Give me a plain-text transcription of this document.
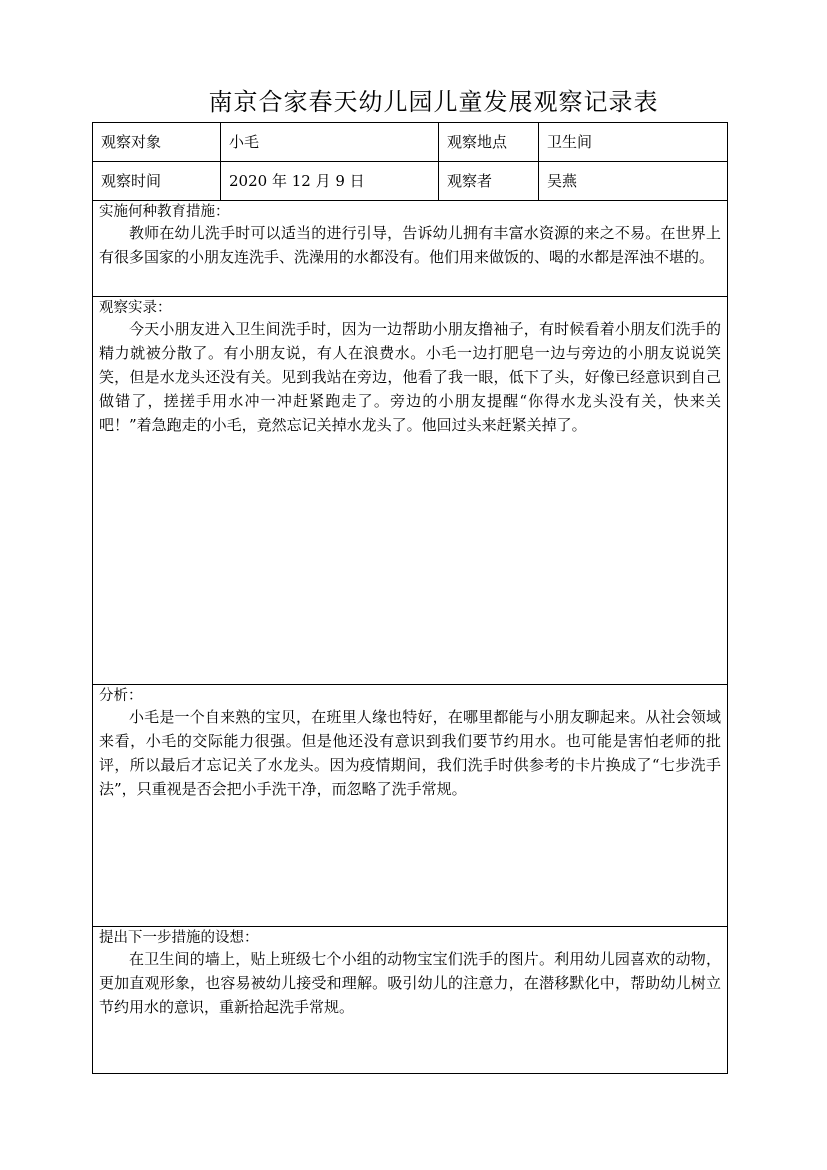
南京合家春天幼儿园儿童发展观察记录表
观察对象	小毛	观察地点	卫生间
观察时间	2020 年 12 月 9 日	观察者	吴燕
实施何种教育措施：

教师在幼儿洗手时可以适当的进行引导，告诉幼儿拥有丰富水资源的来之不易。在世界上有很多国家的小朋友连洗手、洗澡用的水都没有。他们用来做饭的、喝的水都是浑浊不堪的。

观察实录：

今天小朋友进入卫生间洗手时，因为一边帮助小朋友撸袖子，有时候看着小朋友们洗手的精力就被分散了。有小朋友说，有人在浪费水。小毛一边打肥皂一边与旁边的小朋友说说笑笑，但是水龙头还没有关。见到我站在旁边，他看了我一眼，低下了头，好像已经意识到自己做错了，搓搓手用水冲一冲赶紧跑走了。旁边的小朋友提醒“你得水龙头没有关，快来关吧！”着急跑走的小毛，竟然忘记关掉水龙头了。他回过头来赶紧关掉了。

分析：

小毛是一个自来熟的宝贝，在班里人缘也特好，在哪里都能与小朋友聊起来。从社会领域来看，小毛的交际能力很强。但是他还没有意识到我们要节约用水。也可能是害怕老师的批评，所以最后才忘记关了水龙头。因为疫情期间，我们洗手时供参考的卡片换成了“七步洗手法”，只重视是否会把小手洗干净，而忽略了洗手常规。

提出下一步措施的设想：

在卫生间的墙上，贴上班级七个小组的动物宝宝们洗手的图片。利用幼儿园喜欢的动物，更加直观形象，也容易被幼儿接受和理解。吸引幼儿的注意力，在潜移默化中，帮助幼儿树立节约用水的意识，重新拾起洗手常规。
